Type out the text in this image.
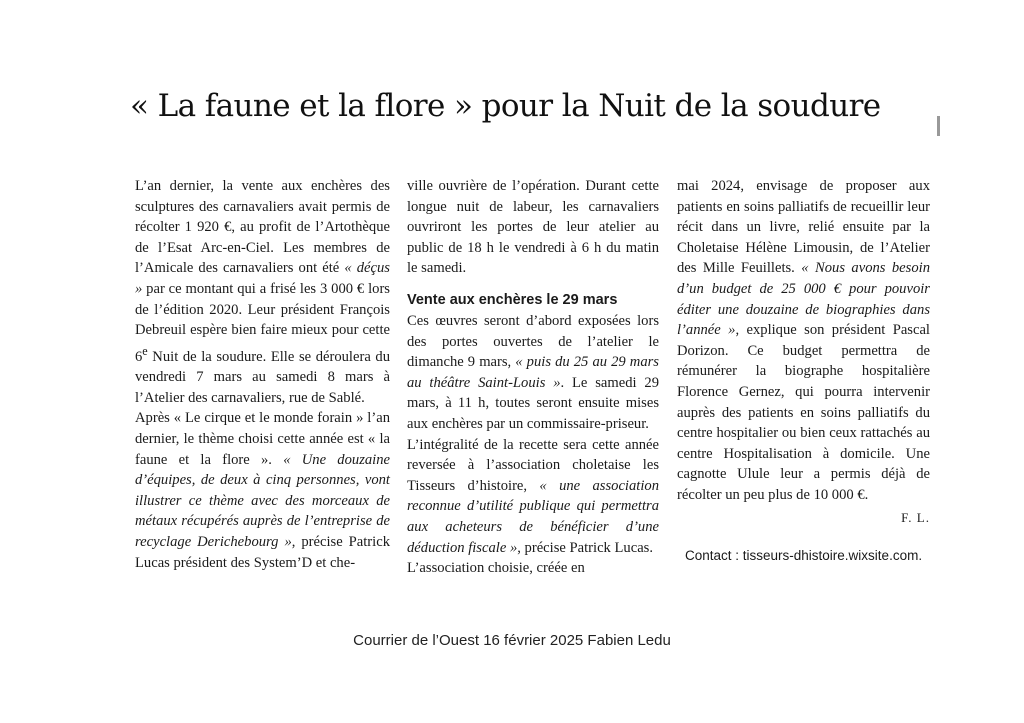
« La faune et la flore » pour la Nuit de la soudure

L’an dernier, la vente aux enchères des sculptures des carnavaliers avait permis de récolter 1 920 €, au profit de l’Artothèque de l’Esat Arc-en-Ciel. Les membres de l’Amicale des carnavaliers ont été « déçus » par ce montant qui a frisé les 3 000 € lors de l’édition 2020. Leur président François Debreuil espère bien faire mieux pour cette 6e Nuit de la soudure. Elle se déroulera du vendredi 7 mars au samedi 8 mars à l’Atelier des carnavaliers, rue de Sablé.

Après « Le cirque et le monde forain » l’an dernier, le thème choisi cette année est « la faune et la flore ». « Une douzaine d’équipes, de deux à cinq personnes, vont illustrer ce thème avec des morceaux de métaux récupérés auprès de l’entreprise de recyclage Derichebourg », précise Patrick Lucas président des System’D et che-

ville ouvrière de l’opération. Durant cette longue nuit de labeur, les carnavaliers ouvriront les portes de leur atelier au public de 18 h le vendredi à 6 h du matin le samedi.

Vente aux enchères le 29 mars

Ces œuvres seront d’abord exposées lors des portes ouvertes de l’atelier le dimanche 9 mars, « puis du 25 au 29 mars au théâtre Saint-Louis ». Le samedi 29 mars, à 11 h, toutes seront ensuite mises aux enchères par un commissaire-priseur.

L’intégralité de la recette sera cette année reversée à l’association choletaise les Tisseurs d’histoire, « une association reconnue d’utilité publique qui permettra aux acheteurs de bénéficier d’une déduction fiscale », précise Patrick Lucas.

L’association choisie, créée en

mai 2024, envisage de proposer aux patients en soins palliatifs de recueillir leur récit dans un livre, relié ensuite par la Choletaise Hélène Limousin, de l’Atelier des Mille Feuillets. « Nous avons besoin d’un budget de 25 000 € pour pouvoir éditer une douzaine de biographies dans l’année », explique son président Pascal Dorizon. Ce budget permettra de rémunérer la biographe hospitalière Florence Gernez, qui pourra intervenir auprès des patients en soins palliatifs du centre hospitalier ou bien ceux rattachés au centre Hospitalisation à domicile. Une cagnotte Ulule leur a permis déjà de récolter un peu plus de 10 000 €.

F. L.

Contact : tisseurs-dhistoire.wixsite.com.

Courrier de l’Ouest 16 février 2025 Fabien Ledu
